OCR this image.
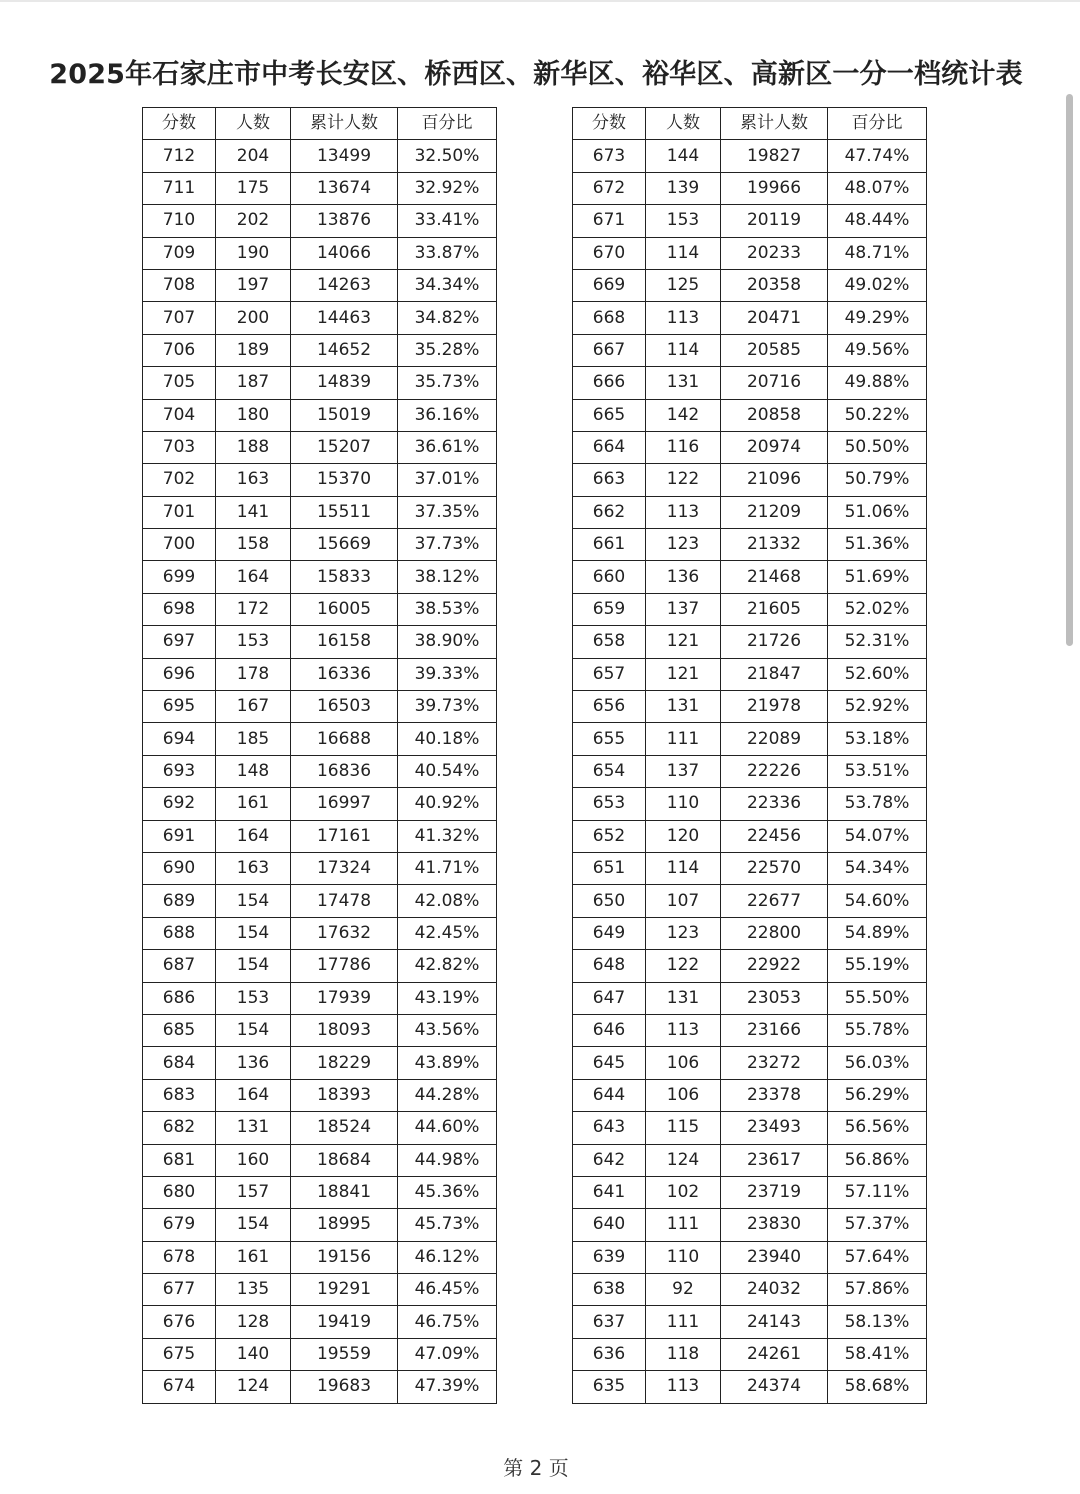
2025年石家庄市中考长安区、桥西区、新华区、裕华区、高新区一分一档统计表
分数	人数	累计人数	百分比
712	204	13499	32.50%
711	175	13674	32.92%
710	202	13876	33.41%
709	190	14066	33.87%
708	197	14263	34.34%
707	200	14463	34.82%
706	189	14652	35.28%
705	187	14839	35.73%
704	180	15019	36.16%
703	188	15207	36.61%
702	163	15370	37.01%
701	141	15511	37.35%
700	158	15669	37.73%
699	164	15833	38.12%
698	172	16005	38.53%
697	153	16158	38.90%
696	178	16336	39.33%
695	167	16503	39.73%
694	185	16688	40.18%
693	148	16836	40.54%
692	161	16997	40.92%
691	164	17161	41.32%
690	163	17324	41.71%
689	154	17478	42.08%
688	154	17632	42.45%
687	154	17786	42.82%
686	153	17939	43.19%
685	154	18093	43.56%
684	136	18229	43.89%
683	164	18393	44.28%
682	131	18524	44.60%
681	160	18684	44.98%
680	157	18841	45.36%
679	154	18995	45.73%
678	161	19156	46.12%
677	135	19291	46.45%
676	128	19419	46.75%
675	140	19559	47.09%
674	124	19683	47.39%
分数	人数	累计人数	百分比
673	144	19827	47.74%
672	139	19966	48.07%
671	153	20119	48.44%
670	114	20233	48.71%
669	125	20358	49.02%
668	113	20471	49.29%
667	114	20585	49.56%
666	131	20716	49.88%
665	142	20858	50.22%
664	116	20974	50.50%
663	122	21096	50.79%
662	113	21209	51.06%
661	123	21332	51.36%
660	136	21468	51.69%
659	137	21605	52.02%
658	121	21726	52.31%
657	121	21847	52.60%
656	131	21978	52.92%
655	111	22089	53.18%
654	137	22226	53.51%
653	110	22336	53.78%
652	120	22456	54.07%
651	114	22570	54.34%
650	107	22677	54.60%
649	123	22800	54.89%
648	122	22922	55.19%
647	131	23053	55.50%
646	113	23166	55.78%
645	106	23272	56.03%
644	106	23378	56.29%
643	115	23493	56.56%
642	124	23617	56.86%
641	102	23719	57.11%
640	111	23830	57.37%
639	110	23940	57.64%
638	92	24032	57.86%
637	111	24143	58.13%
636	118	24261	58.41%
635	113	24374	58.68%
第 2 页
